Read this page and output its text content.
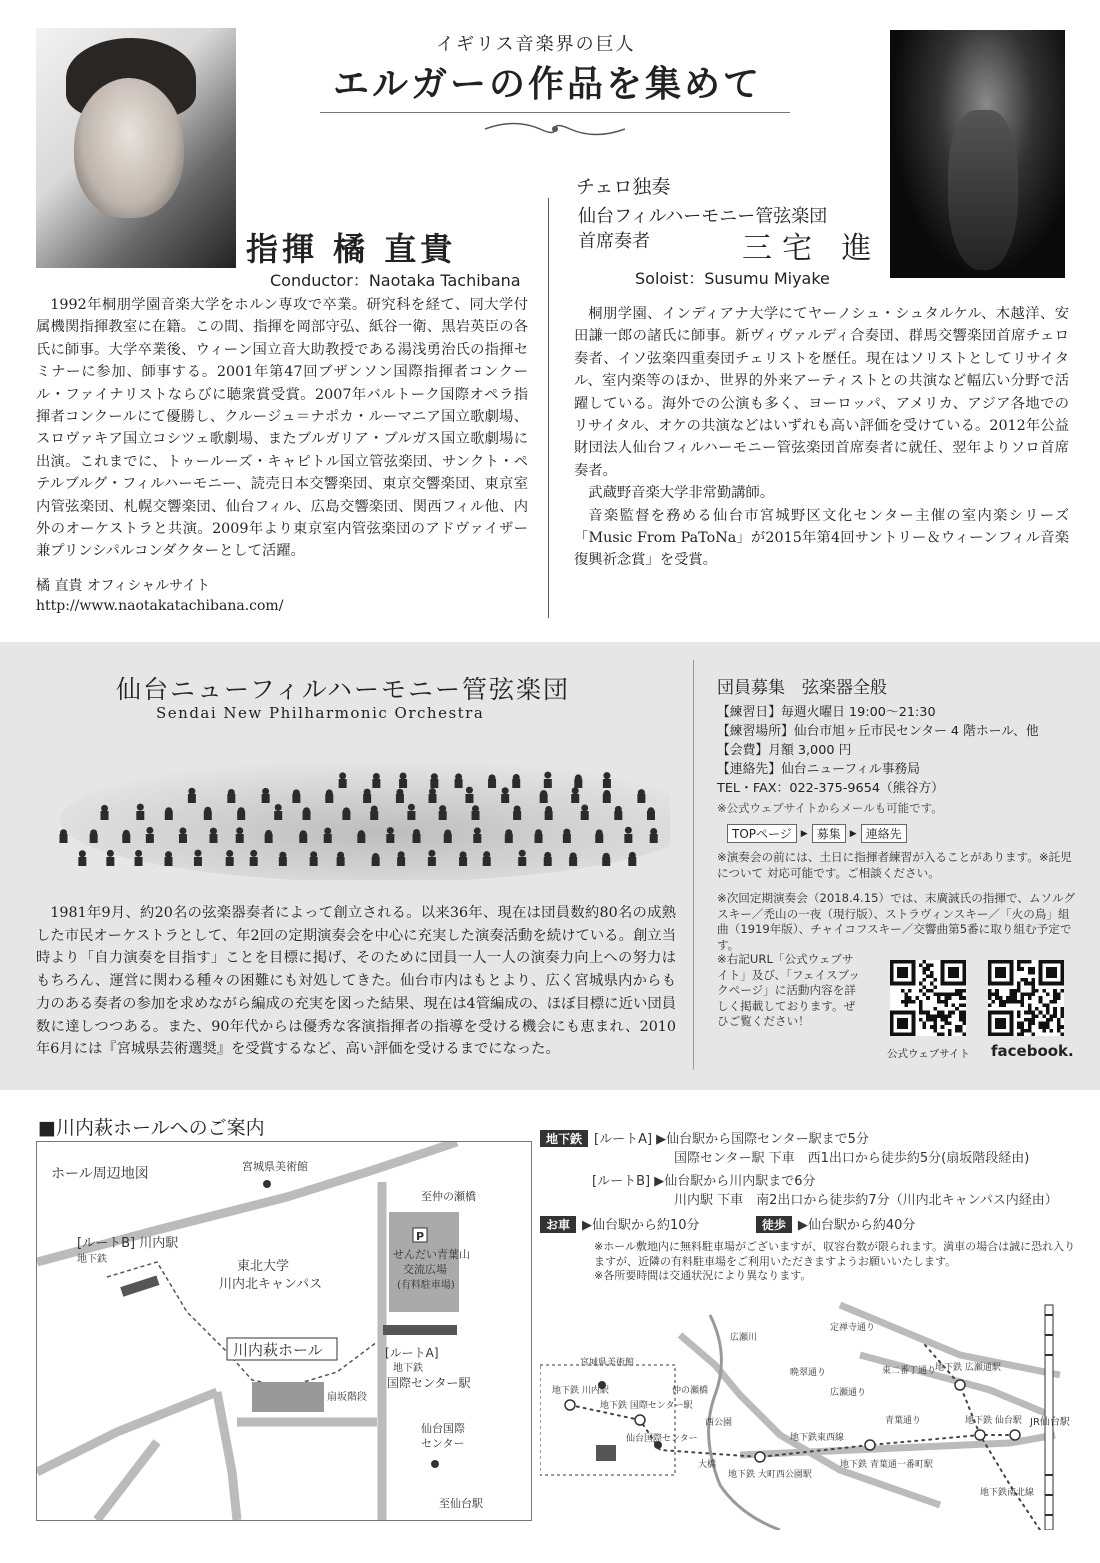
イギリス音楽界の巨人
エルガーの作品を集めて
指揮 橘 直貴
Conductor：Naotaka Tachibana
チェロ独奏
仙台フィルハーモニー管弦楽団
首席奏者	三宅 進
Soloist：Susumu Miyake
1992年桐朋学園音楽大学をホルン専攻で卒業。研究科を経て、同大学付属機関指揮教室に在籍。この間、指揮を岡部守弘、紙谷一衛、黒岩英臣の各氏に師事。大学卒業後、ウィーン国立音大助教授である湯浅勇治氏の指揮セミナーに参加、師事する。2001年第47回ブザンソン国際指揮者コンクール・ファイナリストならびに聴衆賞受賞。2007年バルトーク国際オペラ指揮者コンクールにて優勝し、クルージュ＝ナポカ・ルーマニア国立歌劇場、スロヴァキア国立コシツェ歌劇場、またブルガリア・ブルガス国立歌劇場に出演。これまでに、トゥールーズ・キャピトル国立管弦楽団、サンクト・ペテルブルグ・フィルハーモニー、読売日本交響楽団、東京交響楽団、東京室内管弦楽団、札幌交響楽団、仙台フィル、広島交響楽団、関西フィル他、内外のオーケストラと共演。2009年より東京室内管弦楽団のアドヴァイザー兼プリンシパルコンダクターとして活躍。
橘 直貴 オフィシャルサイト
http://www.naotakatachibana.com/

桐朋学園、インディアナ大学にてヤーノシュ・シュタルケル、木越洋、安田謙一郎の諸氏に師事。新ヴィヴァルディ合奏団、群馬交響楽団首席チェロ奏者、イソ弦楽四重奏団チェリストを歴任。現在はソリストとしてリサイタル、室内楽等のほか、世界的外来アーティストとの共演など幅広い分野で活躍している。海外での公演も多く、ヨーロッパ、アメリカ、アジア各地でのリサイタル、オケの共演などはいずれも高い評価を受けている。2012年公益財団法人仙台フィルハーモニー管弦楽団首席奏者に就任、翌年よりソロ首席奏者。

武蔵野音楽大学非常勤講師。

音楽監督を務める仙台市宮城野区文化センター主催の室内楽シリーズ「Music From PaToNa」が2015年第4回サントリー＆ウィーンフィル音楽復興祈念賞」を受賞。

仙台ニューフィルハーモニー管弦楽団
Sendai New Philharmonic Orchestra
1981年9月、約20名の弦楽器奏者によって創立される。以来36年、現在は団員数約80名の成熟した市民オーケストラとして、年2回の定期演奏会を中心に充実した演奏活動を続けている。創立当時より「自力演奏を目指す」ことを目標に掲げ、そのために団員一人一人の演奏力向上への努力はもちろん、運営に関わる種々の困難にも対処してきた。仙台市内はもとより、広く宮城県内からも力のある奏者の参加を求めながら編成の充実を図った結果、現在は4管編成の、ほぼ目標に近い団員数に達しつつある。また、90年代からは優秀な客演指揮者の指導を受ける機会にも恵まれ、2010年6月には『宮城県芸術選奨』を受賞するなど、高い評価を受けるまでになった。
団員募集　弦楽器全般
【練習日】毎週火曜日 19:00～21:30
【練習場所】仙台市旭ヶ丘市民センター 4 階ホール、他
【会費】月額 3,000 円
【連絡先】仙台ニューフィル事務局
TEL・FAX：022-375-9654（熊谷方）
※公式ウェブサイトからメールも可能です。
TOPページ	▶ 募集	▶ 連絡先

※演奏会の前には、土日に指揮者練習が入ることがあります。※託児について 対応可能です。ご相談ください。

※次回定期演奏会（2018.4.15）では、末廣誠氏の指揮で、ムソルグスキー／禿山の一夜（現行版）、ストラヴィンスキー／「火の鳥」組曲（1919年版）、チャイコフスキー／交響曲第5番に取り組む予定です。

※右記URL「公式ウェブサイト」及び、「フェイスブックページ」に活動内容を詳しく掲載しております。ぜひご覧ください！
公式ウェブサイト facebook.
■川内萩ホールへのご案内
ホール周辺地図	宮城県美術館
至仲の瀬橋
[ルートB] 川内駅
地下鉄	東北大学
川内北キャンパス
せんだい青葉山
交流広場
(有料駐車場)
P
川内萩ホール
扇坂階段
[ルートA]
地下鉄
国際センター駅
仙台国際
センター
至仙台駅
地下鉄 [ルートA] ▶仙台駅から国際センター駅まで5分
国際センター駅 下車　西1出口から徒歩約5分(扇坂階段経由)
[ルートB] ▶仙台駅から川内駅まで6分
川内駅 下車　南2出口から徒歩約7分（川内北キャンパス内経由）
お車 ▶仙台駅から約10分	徒歩 ▶仙台駅から約40分
※ホール敷地内に無料駐車場がございますが、収容台数が限られます。満車の場合は誠に恐れ入り
ますが、近隣の有料駐車場をご利用いただきますようお願いいたします。
※各所要時間は交通状況により異なります。
宮城県美術館
地下鉄 川内駅	仲の瀬橋
地下鉄 国際センター駅
仙台国際センター
西公園
大橋
地下鉄 大町西公園駅
広瀬川
晩翠通り
定禅寺通り
広瀬通り
東二番丁通り
青葉通り
地下鉄東西線
地下鉄 青葉通一番町駅
地下鉄 広瀬通駅
地下鉄 仙台駅
地下鉄南北線
JR仙台駅
